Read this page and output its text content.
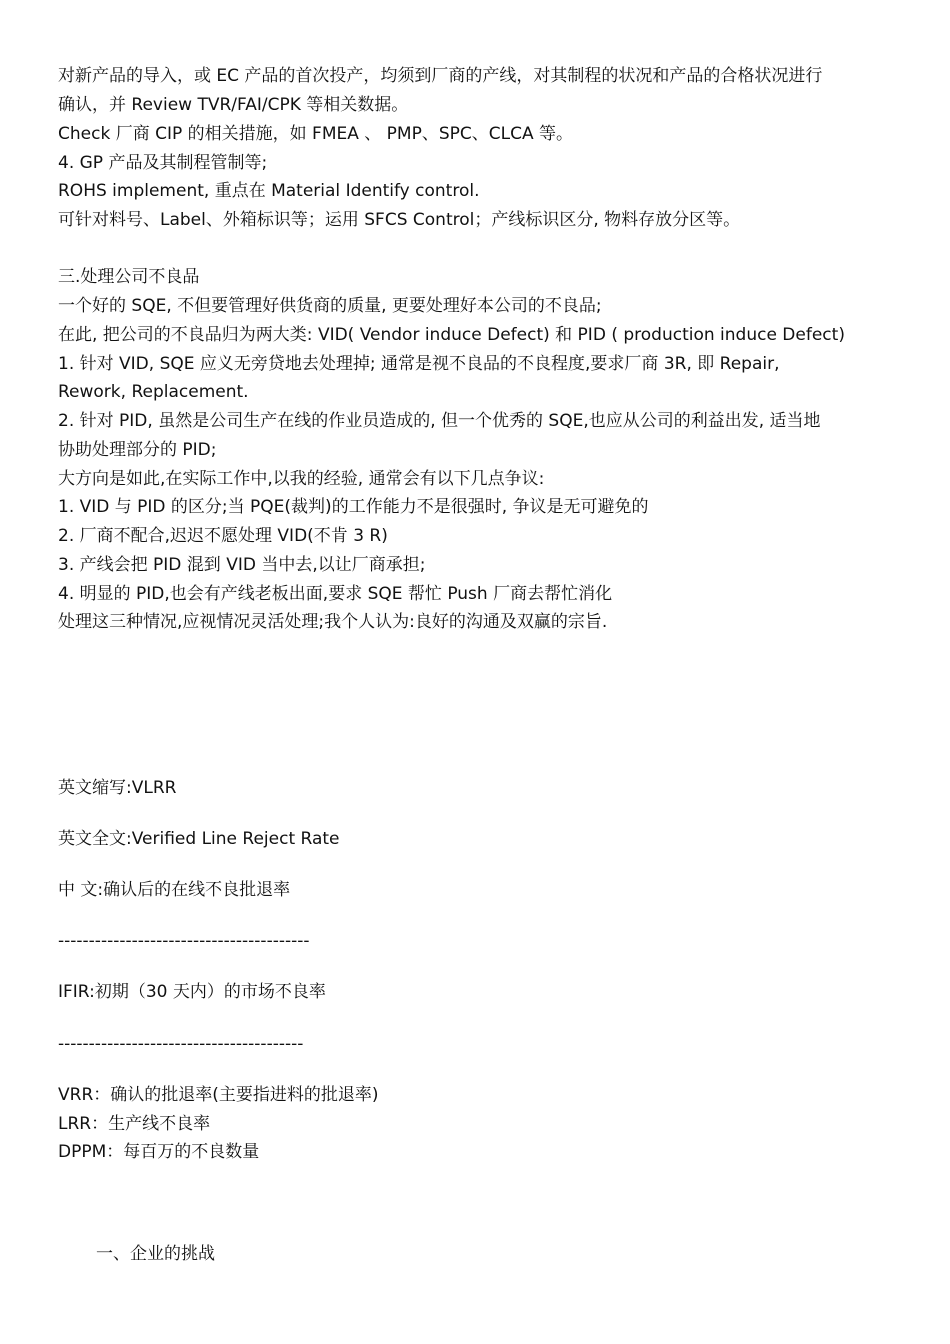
对新产品的导入，或 EC 产品的首次投产，均须到厂商的产线，对其制程的状况和产品的合格状况进行
确认，并 Review TVR/FAI/CPK 等相关数据。
Check 厂商 CIP 的相关措施，如 FMEA 、 PMP、SPC、CLCA 等。
4. GP 产品及其制程管制等;
ROHS implement, 重点在 Material Identify control.
可针对料号、Label、外箱标识等；运用 SFCS Control；产线标识区分, 物料存放分区等。
三.处理公司不良品
一个好的 SQE, 不但要管理好供货商的质量, 更要处理好本公司的不良品;
在此, 把公司的不良品归为两大类: VID( Vendor induce Defect) 和 PID ( production induce Defect)
1. 针对 VID, SQE 应义无旁贷地去处理掉; 通常是视不良品的不良程度,要求厂商 3R, 即 Repair,
Rework, Replacement.
2. 针对 PID, 虽然是公司生产在线的作业员造成的, 但一个优秀的 SQE,也应从公司的利益出发, 适当地
协助处理部分的 PID;
大方向是如此,在实际工作中,以我的经验, 通常会有以下几点争议:
1. VID 与 PID 的区分;当 PQE(裁判)的工作能力不是很强时, 争议是无可避免的
2. 厂商不配合,迟迟不愿处理 VID(不肯 3 R)
3. 产线会把 PID 混到 VID 当中去,以让厂商承担;
4. 明显的 PID,也会有产线老板出面,要求 SQE 帮忙 Push 厂商去帮忙消化
处理这三种情况,应视情况灵活处理;我个人认为:良好的沟通及双赢的宗旨.
英文缩写:VLRR
英文全文:Verified Line Reject Rate
中 文:确认后的在线不良批退率
-----------------------------------------
IFIR:初期（30 天内）的市场不良率
----------------------------------------
VRR：确认的批退率(主要指进料的批退率)
LRR：生产线不良率
DPPM：每百万的不良数量
一、企业的挑战
